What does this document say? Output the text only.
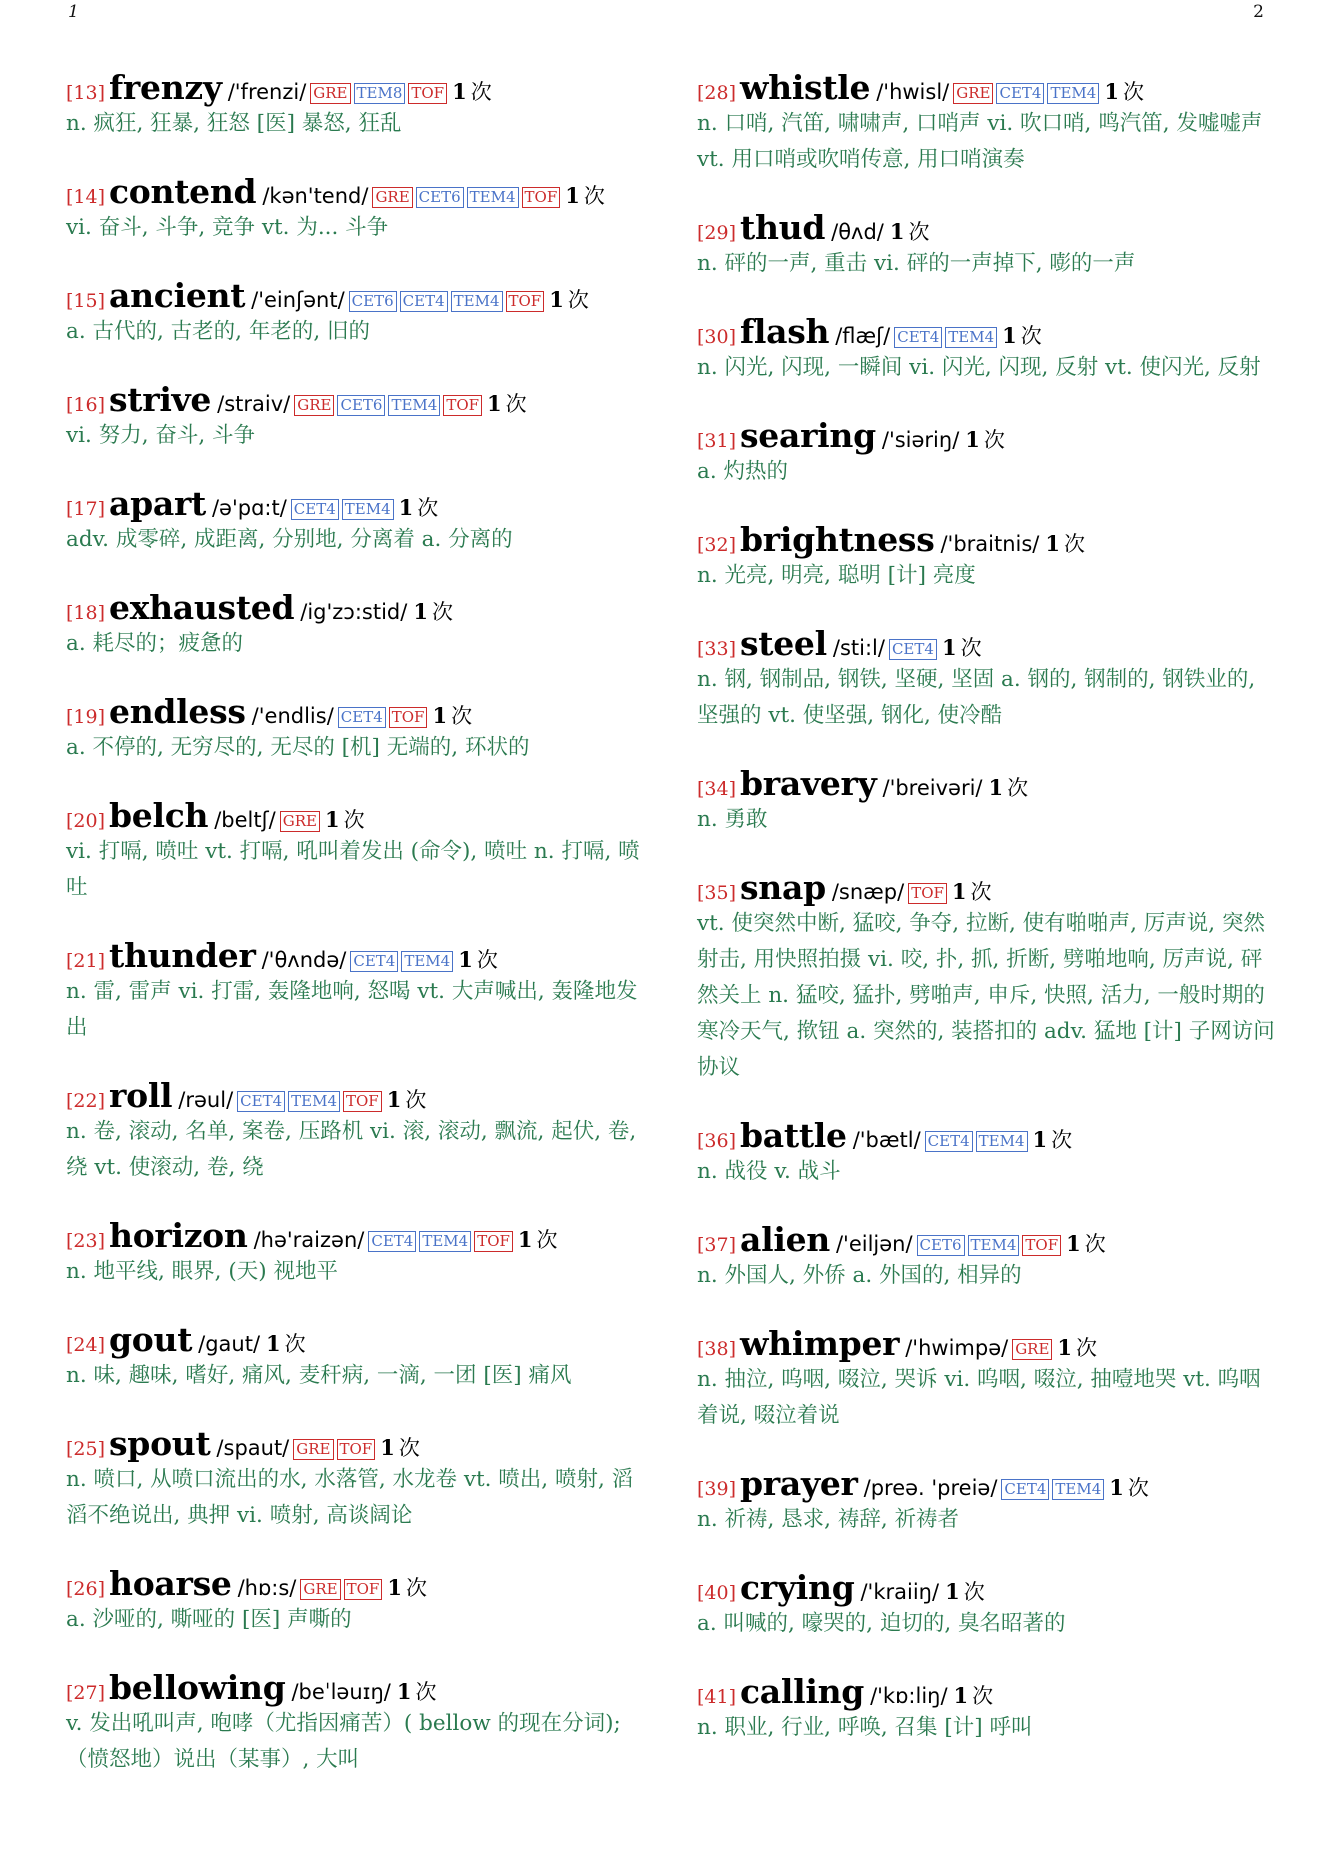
1	2
[13] frenzy /'frenzi/ GRE TEM8 TOF 1 次

n. 疯狂, 狂暴, 狂怒 [医] 暴怒, 狂乱

[14] contend /kən'tend/ GRE CET6 TEM4 TOF 1 次

vi. 奋斗, 斗争, 竞争 vt. 为... 斗争

[15] ancient /'einʃənt/ CET6 CET4 TEM4 TOF 1 次

a. 古代的, 古老的, 年老的, 旧的

[16] strive /straiv/ GRE CET6 TEM4 TOF 1 次

vi. 努力, 奋斗, 斗争

[17] apart /ə'pɑ:t/ CET4 TEM4 1 次

adv. 成零碎, 成距离, 分别地, 分离着 a. 分离的

[18] exhausted /ig'zɔ:stid/ 1 次

a. 耗尽的；疲惫的

[19] endless /'endlis/ CET4 TOF 1 次

a. 不停的, 无穷尽的, 无尽的 [机] 无端的, 环状的

[20] belch /beltʃ/ GRE 1 次

vi. 打嗝, 喷吐 vt. 打嗝, 吼叫着发出 (命令), 喷吐 n. 打嗝, 喷吐

[21] thunder /'θʌndə/ CET4 TEM4 1 次

n. 雷, 雷声 vi. 打雷, 轰隆地响, 怒喝 vt. 大声喊出, 轰隆地发出

[22] roll /rəul/ CET4 TEM4 TOF 1 次

n. 卷, 滚动, 名单, 案卷, 压路机 vi. 滚, 滚动, 飘流, 起伏, 卷, 绕 vt. 使滚动, 卷, 绕

[23] horizon /hə'raizən/ CET4 TEM4 TOF 1 次

n. 地平线, 眼界, (天) 视地平

[24] gout /gaut/ 1 次

n. 味, 趣味, 嗜好, 痛风, 麦秆病, 一滴, 一团 [医] 痛风

[25] spout /spaut/ GRE TOF 1 次

n. 喷口, 从喷口流出的水, 水落管, 水龙卷 vt. 喷出, 喷射, 滔滔不绝说出, 典押 vi. 喷射, 高谈阔论

[26] hoarse /hɒ:s/ GRE TOF 1 次

a. 沙哑的, 嘶哑的 [医] 声嘶的

[27] bellowing /beˈləuɪŋ/ 1 次

v. 发出吼叫声, 咆哮（尤指因痛苦）( bellow 的现在分词);（愤怒地）说出（某事）, 大叫

[28] whistle /'hwisl/ GRE CET4 TEM4 1 次

n. 口哨, 汽笛, 啸啸声, 口哨声 vi. 吹口哨, 鸣汽笛, 发嘘嘘声 vt. 用口哨或吹哨传意, 用口哨演奏

[29] thud /θʌd/ 1 次

n. 砰的一声, 重击 vi. 砰的一声掉下, 嘭的一声

[30] flash /flæʃ/ CET4 TEM4 1 次

n. 闪光, 闪现, 一瞬间 vi. 闪光, 闪现, 反射 vt. 使闪光, 反射

[31] searing /'siəriŋ/ 1 次

a. 灼热的

[32] brightness /'braitnis/ 1 次

n. 光亮, 明亮, 聪明 [计] 亮度

[33] steel /sti:l/ CET4 1 次

n. 钢, 钢制品, 钢铁, 坚硬, 坚固 a. 钢的, 钢制的, 钢铁业的, 坚强的 vt. 使坚强, 钢化, 使冷酷

[34] bravery /'breivəri/ 1 次

n. 勇敢

[35] snap /snæp/ TOF 1 次

vt. 使突然中断, 猛咬, 争夺, 拉断, 使有啪啪声, 厉声说, 突然射击, 用快照拍摄 vi. 咬, 扑, 抓, 折断, 劈啪地响, 厉声说, 砰然关上 n. 猛咬, 猛扑, 劈啪声, 申斥, 快照, 活力, 一般时期的寒冷天气, 揿钮 a. 突然的, 装搭扣的 adv. 猛地 [计] 子网访问协议

[36] battle /'bætl/ CET4 TEM4 1 次

n. 战役 v. 战斗

[37] alien /'eiljən/ CET6 TEM4 TOF 1 次

n. 外国人, 外侨 a. 外国的, 相异的

[38] whimper /'hwimpə/ GRE 1 次

n. 抽泣, 呜咽, 啜泣, 哭诉 vi. 呜咽, 啜泣, 抽噎地哭 vt. 呜咽着说, 啜泣着说

[39] prayer /preə. 'preiə/ CET4 TEM4 1 次

n. 祈祷, 恳求, 祷辞, 祈祷者

[40] crying /'kraiiŋ/ 1 次

a. 叫喊的, 嚎哭的, 迫切的, 臭名昭著的

[41] calling /'kɒ:liŋ/ 1 次

n. 职业, 行业, 呼唤, 召集 [计] 呼叫
